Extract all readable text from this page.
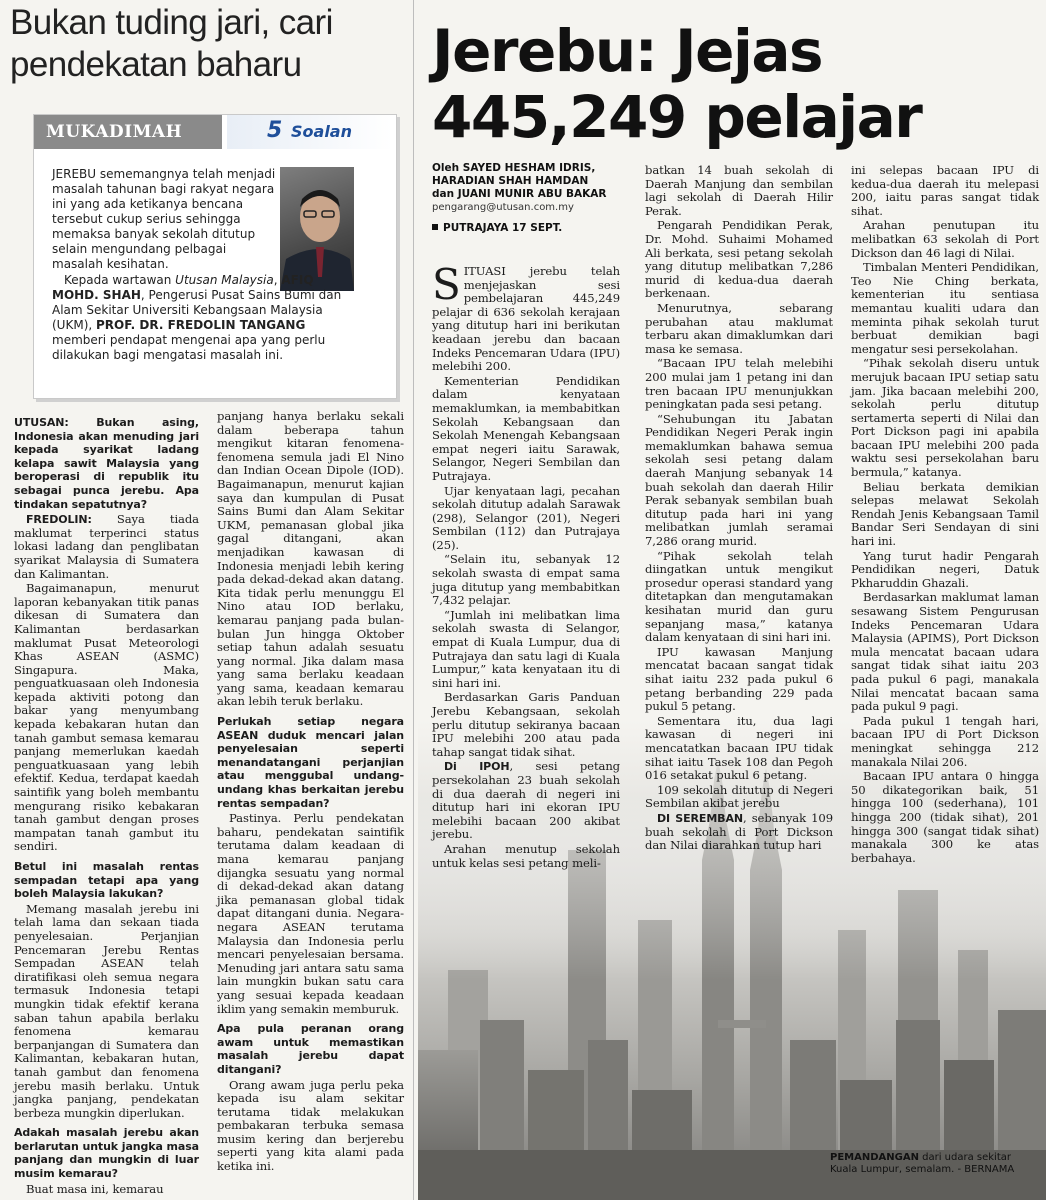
Bukan tuding jari, cari
pendekatan baharu
MUKADIMAH	5 Soalan

JEREBU sememangnya telah menjadi masalah tahunan bagi rakyat negara ini yang ada ketikanya bencana tersebut cukup serius sehingga memaksa banyak sekolah ditutup selain mengundang pelbagai masalah kesihatan.

Kepada wartawan Utusan Malaysia, AFIQ MOHD. SHAH, Pengerusi Pusat Sains Bumi dan Alam Sekitar Universiti Kebangsaan Malaysia (UKM), PROF. DR. FREDOLIN TANGANG memberi pendapat mengenai apa yang perlu dilakukan bagi mengatasi masalah ini.

UTUSAN: Bukan asing, Indonesia akan menuding jari kepada syarikat ladang kelapa sawit Malaysia yang beroperasi di republik itu sebagai punca jerebu. Apa tindakan sepatutnya?

FREDOLIN: Saya tiada maklumat terperinci status lokasi ladang dan penglibatan syarikat Malaysia di Sumatera dan Kalimantan.

Bagaimanapun, menurut laporan kebanyakan titik panas dikesan di Sumatera dan Kalimantan berdasarkan maklumat Pusat Meteorologi Khas ASEAN (ASMC) Singapura. Maka, penguatkuasaan oleh Indonesia kepada aktiviti potong dan bakar yang menyumbang kepada kebakaran hutan dan tanah gambut semasa kemarau panjang memerlukan kaedah penguatkuasaan yang lebih efektif. Kedua, terdapat kaedah saintifik yang boleh membantu mengurang risiko kebakaran tanah gambut dengan proses mampatan tanah gambut itu sendiri.

Betul ini masalah rentas sempadan tetapi apa yang boleh Malaysia lakukan?

Memang masalah jerebu ini telah lama dan sekaan tiada penyelesaian. Perjanjian Pencemaran Jerebu Rentas Sempadan ASEAN telah diratifikasi oleh semua negara termasuk Indonesia tetapi mungkin tidak efektif kerana saban tahun apabila berlaku fenomena kemarau berpanjangan di Sumatera dan Kalimantan, kebakaran hutan, tanah gambut dan fenomena jerebu masih berlaku. Untuk jangka panjang, pendekatan berbeza mungkin diperlukan.

Adakah masalah jerebu akan berlarutan untuk jangka masa panjang dan mungkin di luar musim kemarau?

Buat masa ini, kemarau

panjang hanya berlaku sekali dalam beberapa tahun mengikut kitaran fenomena-fenomena semula jadi El Nino dan Indian Ocean Dipole (IOD). Bagaimanapun, menurut kajian saya dan kumpulan di Pusat Sains Bumi dan Alam Sekitar UKM, pemanasan global jika gagal ditangani, akan menjadikan kawasan di Indonesia menjadi lebih kering pada dekad-dekad akan datang. Kita tidak perlu menunggu El Nino atau IOD berlaku, kemarau panjang pada bulan-bulan Jun hingga Oktober setiap tahun adalah sesuatu yang normal. Jika dalam masa yang sama berlaku keadaan yang sama, keadaan kemarau akan lebih teruk berlaku.

Perlukah setiap negara ASEAN duduk mencari jalan penyelesaian seperti menandatangani perjanjian atau menggubal undang-undang khas berkaitan jerebu rentas sempadan?

Pastinya. Perlu pendekatan baharu, pendekatan saintifik terutama dalam keadaan di mana kemarau panjang dijangka sesuatu yang normal di dekad-dekad akan datang jika pemanasan global tidak dapat ditangani dunia. Negara-negara ASEAN terutama Malaysia dan Indonesia perlu mencari penyelesaian bersama. Menuding jari antara satu sama lain mungkin bukan satu cara yang sesuai kepada keadaan iklim yang semakin memburuk.

Apa pula peranan orang awam untuk memastikan masalah jerebu dapat ditangani?

Orang awam juga perlu peka kepada isu alam sekitar terutama tidak melakukan pembakaran terbuka semasa musim kering dan berjerebu seperti yang kita alami pada ketika ini.

Jerebu: Jejas
445,249 pelajar
Oleh SAYED HESHAM IDRIS,
HARADIAN SHAH HAMDAN
dan JUANI MUNIR ABU BAKAR
pengarang@utusan.com.my
PUTRAJAYA 17 SEPT.
PEMANDANGAN dari udara sekitar Kuala Lumpur, semalam. - BERNAMA

SITUASI jerebu telah menjejaskan sesi pembelajaran 445,249 pelajar di 636 sekolah kerajaan yang ditutup hari ini berikutan keadaan jerebu dan bacaan Indeks Pencemaran Udara (IPU) melebihi 200.

Kementerian Pendidikan dalam kenyataan memaklumkan, ia membabitkan Sekolah Kebangsaan dan Sekolah Menengah Kebangsaan empat negeri iaitu Sarawak, Selangor, Negeri Sembilan dan Putrajaya.

Ujar kenyataan lagi, pecahan sekolah ditutup adalah Sarawak (298), Selangor (201), Negeri Sembilan (112) dan Putrajaya (25).

“Selain itu, sebanyak 12 sekolah swasta di empat sama juga ditutup yang membabitkan 7,432 pelajar.

“Jumlah ini melibatkan lima sekolah swasta di Selangor, empat di Kuala Lumpur, dua di Putrajaya dan satu lagi di Kuala Lumpur,” kata kenyataan itu di sini hari ini.

Berdasarkan Garis Panduan Jerebu Kebangsaan, sekolah perlu ditutup sekiranya bacaan IPU melebihi 200 atau pada tahap sangat tidak sihat.

Di IPOH, sesi petang persekolahan 23 buah sekolah di dua daerah di negeri ini ditutup hari ini ekoran IPU melebihi bacaan 200 akibat jerebu.

Arahan menutup sekolah untuk kelas sesi petang meli-

batkan 14 buah sekolah di Daerah Manjung dan sembilan lagi sekolah di Daerah Hilir Perak.

Pengarah Pendidikan Perak, Dr. Mohd. Suhaimi Mohamed Ali berkata, sesi petang sekolah yang ditutup melibatkan 7,286 murid di kedua-dua daerah berkenaan.

Menurutnya, sebarang perubahan atau maklumat terbaru akan dimaklumkan dari masa ke semasa.

“Bacaan IPU telah melebihi 200 mulai jam 1 petang ini dan tren bacaan IPU menunjukkan peningkatan pada sesi petang.

“Sehubungan itu Jabatan Pendidikan Negeri Perak ingin memaklumkan bahawa semua sekolah sesi petang dalam daerah Manjung sebanyak 14 buah sekolah dan daerah Hilir Perak sebanyak sembilan buah ditutup pada hari ini yang melibatkan jumlah seramai 7,286 orang murid.

“Pihak sekolah telah diingatkan untuk mengikut prosedur operasi standard yang ditetapkan dan mengutamakan kesihatan murid dan guru sepanjang masa,” katanya dalam kenyataan di sini hari ini.

IPU kawasan Manjung mencatat bacaan sangat tidak sihat iaitu 232 pada pukul 6 petang berbanding 229 pada pukul 5 petang.

Sementara itu, dua lagi kawasan di negeri ini mencatatkan bacaan IPU tidak sihat iaitu Tasek 108 dan Pegoh 016 setakat pukul 6 petang.

109 sekolah ditutup di Negeri Sembilan akibat jerebu

DI SEREMBAN, sebanyak 109 buah sekolah di Port Dickson dan Nilai diarahkan tutup hari

ini selepas bacaan IPU di kedua-dua daerah itu melepasi 200, iaitu paras sangat tidak sihat.

Arahan penutupan itu melibatkan 63 sekolah di Port Dickson dan 46 lagi di Nilai.

Timbalan Menteri Pendidikan, Teo Nie Ching berkata, kementerian itu sentiasa memantau kualiti udara dan meminta pihak sekolah turut berbuat demikian bagi mengatur sesi persekolahan.

“Pihak sekolah diseru untuk merujuk bacaan IPU setiap satu jam. Jika bacaan melebihi 200, sekolah perlu ditutup sertamerta seperti di Nilai dan Port Dickson pagi ini apabila bacaan IPU melebihi 200 pada waktu sesi persekolahan baru bermula,” katanya.

Beliau berkata demikian selepas melawat Sekolah Rendah Jenis Kebangsaan Tamil Bandar Seri Sendayan di sini hari ini.

Yang turut hadir Pengarah Pendidikan negeri, Datuk Pkharuddin Ghazali.

Berdasarkan maklumat laman sesawang Sistem Pengurusan Indeks Pencemaran Udara Malaysia (APIMS), Port Dickson mula mencatat bacaan udara sangat tidak sihat iaitu 203 pada pukul 6 pagi, manakala Nilai mencatat bacaan sama pada pukul 9 pagi.

Pada pukul 1 tengah hari, bacaan IPU di Port Dickson meningkat sehingga 212 manakala Nilai 206.

Bacaan IPU antara 0 hingga 50 dikategorikan baik, 51 hingga 100 (sederhana), 101 hingga 200 (tidak sihat), 201 hingga 300 (sangat tidak sihat) manakala 300 ke atas berbahaya.
